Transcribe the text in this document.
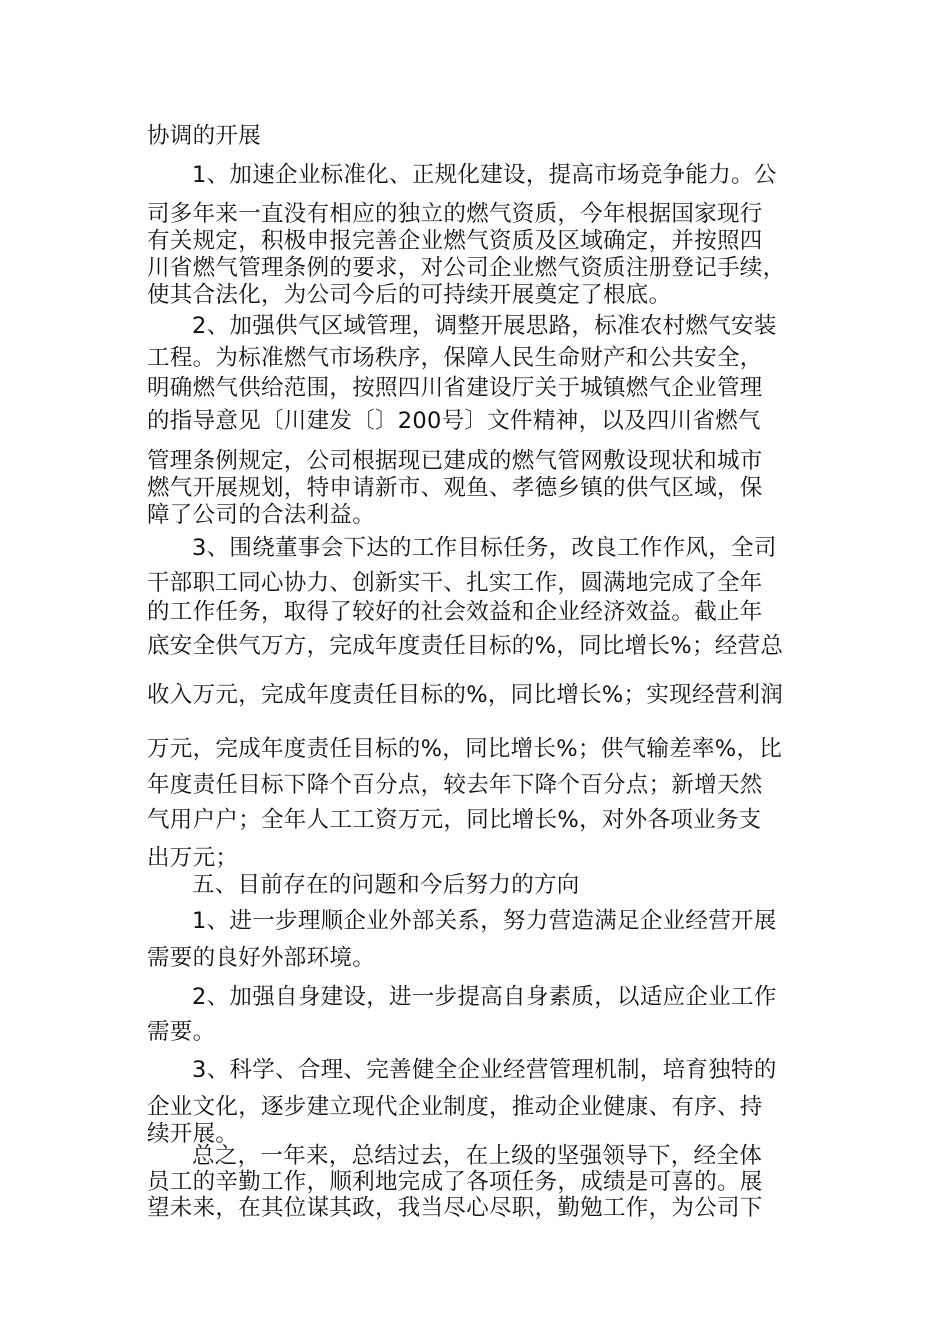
协调的开展
1、加速企业标准化、正规化建设，提高市场竞争能力。公
司多年来一直没有相应的独立的燃气资质，今年根据国家现行
有关规定，积极申报完善企业燃气资质及区域确定，并按照四
川省燃气管理条例的要求，对公司企业燃气资质注册登记手续，
使其合法化，为公司今后的可持续开展奠定了根底。
2、加强供气区域管理，调整开展思路，标准农村燃气安装
工程。为标准燃气市场秩序，保障人民生命财产和公共安全，
明确燃气供给范围，按照四川省建设厅关于城镇燃气企业管理
的指导意见〔川建发〔〕200号〕文件精神，以及四川省燃气
管理条例规定，公司根据现已建成的燃气管网敷设现状和城市
燃气开展规划，特申请新市、观鱼、孝德乡镇的供气区域，保
障了公司的合法利益。
3、围绕董事会下达的工作目标任务，改良工作作风，全司
干部职工同心协力、创新实干、扎实工作，圆满地完成了全年
的工作任务，取得了较好的社会效益和企业经济效益。截止年
底安全供气万方，完成年度责任目标的%，同比增长%；经营总
收入万元，完成年度责任目标的%，同比增长%；实现经营利润
万元，完成年度责任目标的%，同比增长%；供气输差率%，比
年度责任目标下降个百分点，较去年下降个百分点；新增天然
气用户户；全年人工工资万元，同比增长%，对外各项业务支
出万元；
五、目前存在的问题和今后努力的方向
1、进一步理顺企业外部关系，努力营造满足企业经营开展
需要的良好外部环境。
2、加强自身建设，进一步提高自身素质，以适应企业工作
需要。
3、科学、合理、完善健全企业经营管理机制，培育独特的
企业文化，逐步建立现代企业制度，推动企业健康、有序、持
续开展。
总之，一年来，总结过去，在上级的坚强领导下，经全体
员工的辛勤工作，顺利地完成了各项任务，成绩是可喜的。展
望未来，在其位谋其政，我当尽心尽职，勤勉工作，为公司下
